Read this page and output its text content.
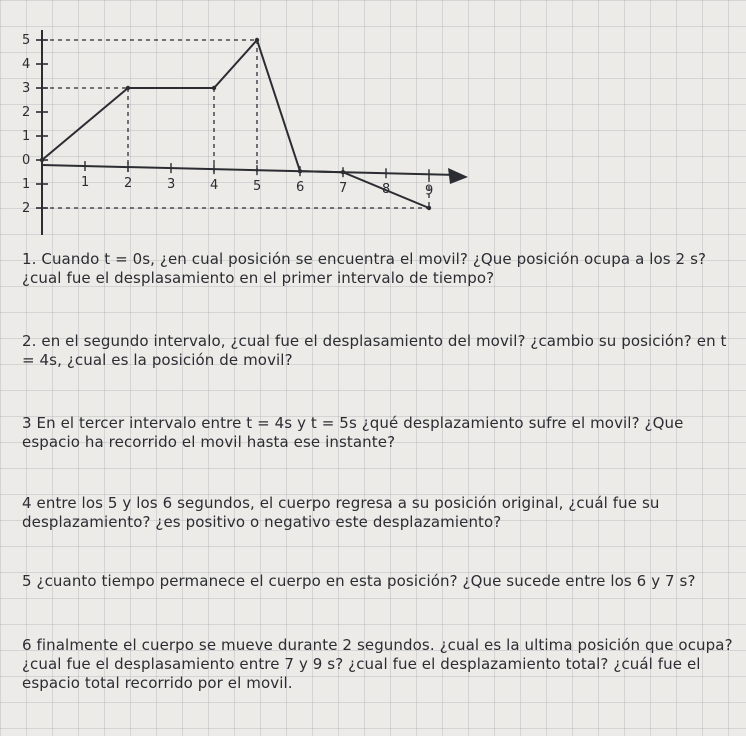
5
4
3
2
1
0
1
2
1	2	3	4	5	6	7	8	9

1. Cuando t = 0s, ¿en cual posición se encuentra el movil? ¿Que posición ocupa a los 2 s? ¿cual fue el desplasamiento en el primer intervalo de tiempo?

2. en el segundo intervalo, ¿cual fue el desplasamiento del movil? ¿cambio su posición? en t = 4s, ¿cual es la posición de movil?

3 En el tercer intervalo entre t = 4s y t = 5s ¿qué desplazamiento sufre el movil? ¿Que espacio ha recorrido el movil hasta ese instante?

4 entre los 5 y los 6 segundos, el cuerpo regresa a su posición original, ¿cuál fue su desplazamiento? ¿es positivo o negativo este desplazamiento?

5 ¿cuanto tiempo permanece el cuerpo en esta posición? ¿Que sucede entre los 6 y 7 s?

6 finalmente el cuerpo se mueve durante 2 segundos. ¿cual es la ultima posición que ocupa? ¿cual fue el desplasamiento entre 7 y 9 s? ¿cual fue el desplazamiento total? ¿cuál fue el espacio total recorrido por el movil.
